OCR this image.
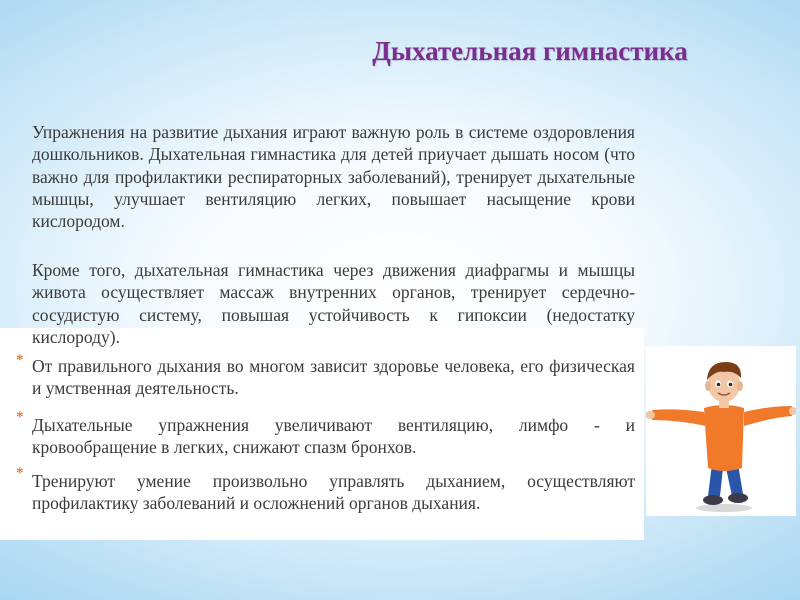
Дыхательная гимнастика
Упражнения на развитие дыхания играют важную роль в системе оздоровления дошкольников. Дыхательная гимнастика для детей приучает дышать носом (что важно для профилактики респираторных заболеваний), тренирует дыхательные мышцы, улучшает вентиляцию легких, повышает насыщение крови кислородом.
Кроме того, дыхательная гимнастика через движения диафрагмы и мышцы живота осуществляет массаж внутренних органов, тренирует сердечно-сосудистую систему, повышая устойчивость к гипоксии (недостатку кислороду).
* От правильного дыхания во многом зависит здоровье человека, его физическая и умственная деятельность.
* Дыхательные упражнения увеличивают вентиляцию, лимфо - и кровообращение в легких, снижают спазм бронхов.
* Тренируют умение произвольно управлять дыханием, осуществляют профилактику заболеваний и осложнений органов дыхания.
